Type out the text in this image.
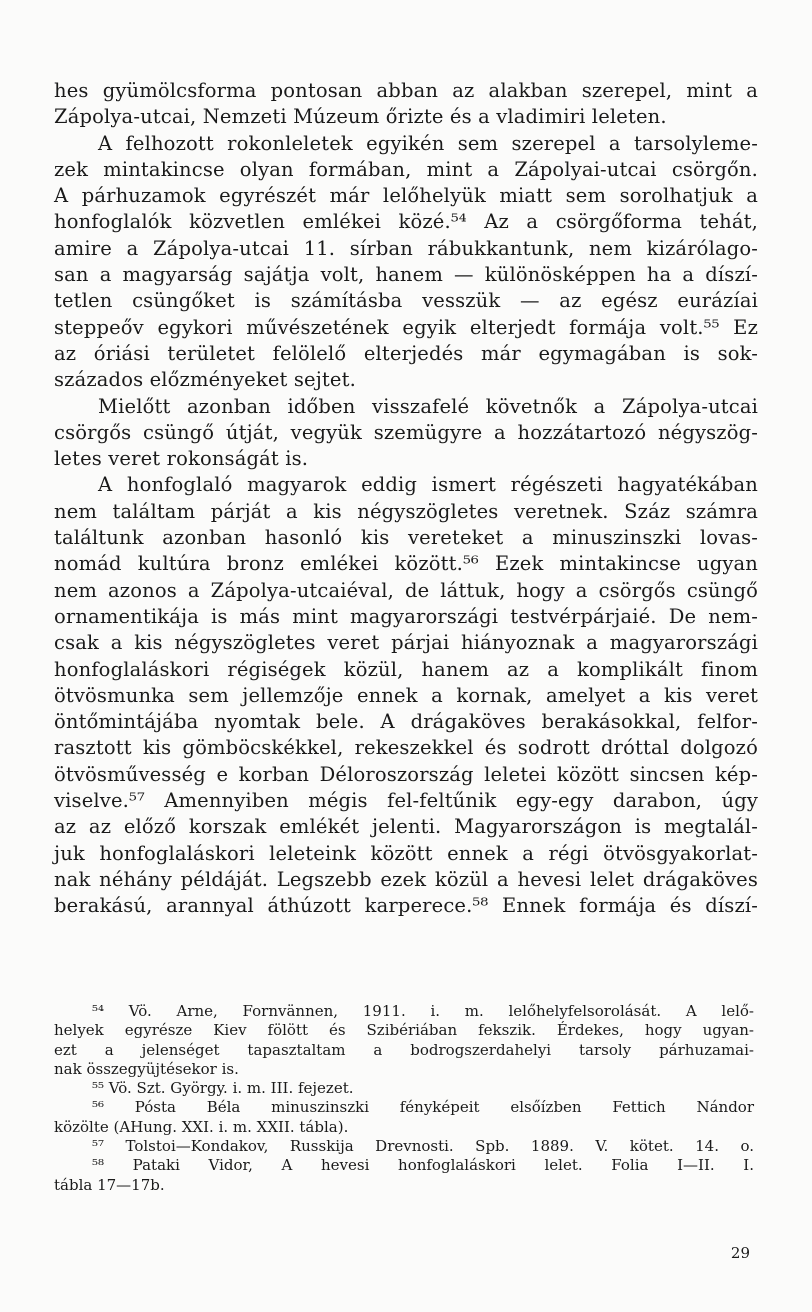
hes gyümölcsforma pontosan abban az alakban szerepel, mint a
Zápolya-utcai, Nemzeti Múzeum őrizte és a vladimiri leleten.
A felhozott rokonleletek egyikén sem szerepel a tarsolyleme-
zek mintakincse olyan formában, mint a Zápolyai-utcai csörgőn.
A párhuzamok egyrészét már lelőhelyük miatt sem sorolhatjuk a
honfoglalók közvetlen emlékei közé.⁵⁴ Az a csörgőforma tehát,
amire a Zápolya-utcai 11. sírban rábukkantunk, nem kizárólago-
san a magyarság sajátja volt, hanem — különösképpen ha a díszí-
tetlen csüngőket is számításba vesszük — az egész eurázíai
steppeőv egykori művészetének egyik elterjedt formája volt.⁵⁵ Ez
az óriási területet felölelő elterjedés már egymagában is sok-
százados előzményeket sejtet.
Mielőtt azonban időben visszafelé követnők a Zápolya-utcai
csörgős csüngő útját, vegyük szemügyre a hozzátartozó négyszög-
letes veret rokonságát is.
A honfoglaló magyarok eddig ismert régészeti hagyatékában
nem találtam párját a kis négyszögletes veretnek. Száz számra
találtunk azonban hasonló kis vereteket a minuszinszki lovas-
nomád kultúra bronz emlékei között.⁵⁶ Ezek mintakincse ugyan
nem azonos a Zápolya-utcaiéval, de láttuk, hogy a csörgős csüngő
ornamentikája is más mint magyarországi testvérpárjaié. De nem-
csak a kis négyszögletes veret párjai hiányoznak a magyarországi
honfoglaláskori régiségek közül, hanem az a komplikált finom
ötvösmunka sem jellemzője ennek a kornak, amelyet a kis veret
öntőmintájába nyomtak bele. A drágaköves berakásokkal, felfor-
rasztott kis gömböcskékkel, rekeszekkel és sodrott dróttal dolgozó
ötvösművesség e korban Déloroszország leletei között sincsen kép-
viselve.⁵⁷ Amennyiben mégis fel-feltűnik egy-egy darabon, úgy
az az előző korszak emlékét jelenti. Magyarországon is megtalál-
juk honfoglaláskori leleteink között ennek a régi ötvösgyakorlat-
nak néhány példáját. Legszebb ezek közül a hevesi lelet drágaköves
berakású, arannyal áthúzott karperece.⁵⁸ Ennek formája és díszí-
⁵⁴ Vö. Arne, Fornvännen, 1911. i. m. lelőhelyfelsorolását. A lelő-
helyek egyrésze Kiev fölött és Szibériában fekszik. Érdekes, hogy ugyan-
ezt a jelenséget tapasztaltam a bodrogszerdahelyi tarsoly párhuzamai-
nak összegyüjtésekor is.
⁵⁵ Vö. Szt. György. i. m. III. fejezet.
⁵⁶ Pósta Béla minuszinszki fényképeit elsőízben Fettich Nándor
közölte (AHung. XXI. i. m. XXII. tábla).
⁵⁷ Tolstoi—Kondakov, Russkija Drevnosti. Spb. 1889. V. kötet. 14. o.
⁵⁸ Pataki Vidor, A hevesi honfoglaláskori lelet. Folia I—II. I.
tábla 17—17b.
29
